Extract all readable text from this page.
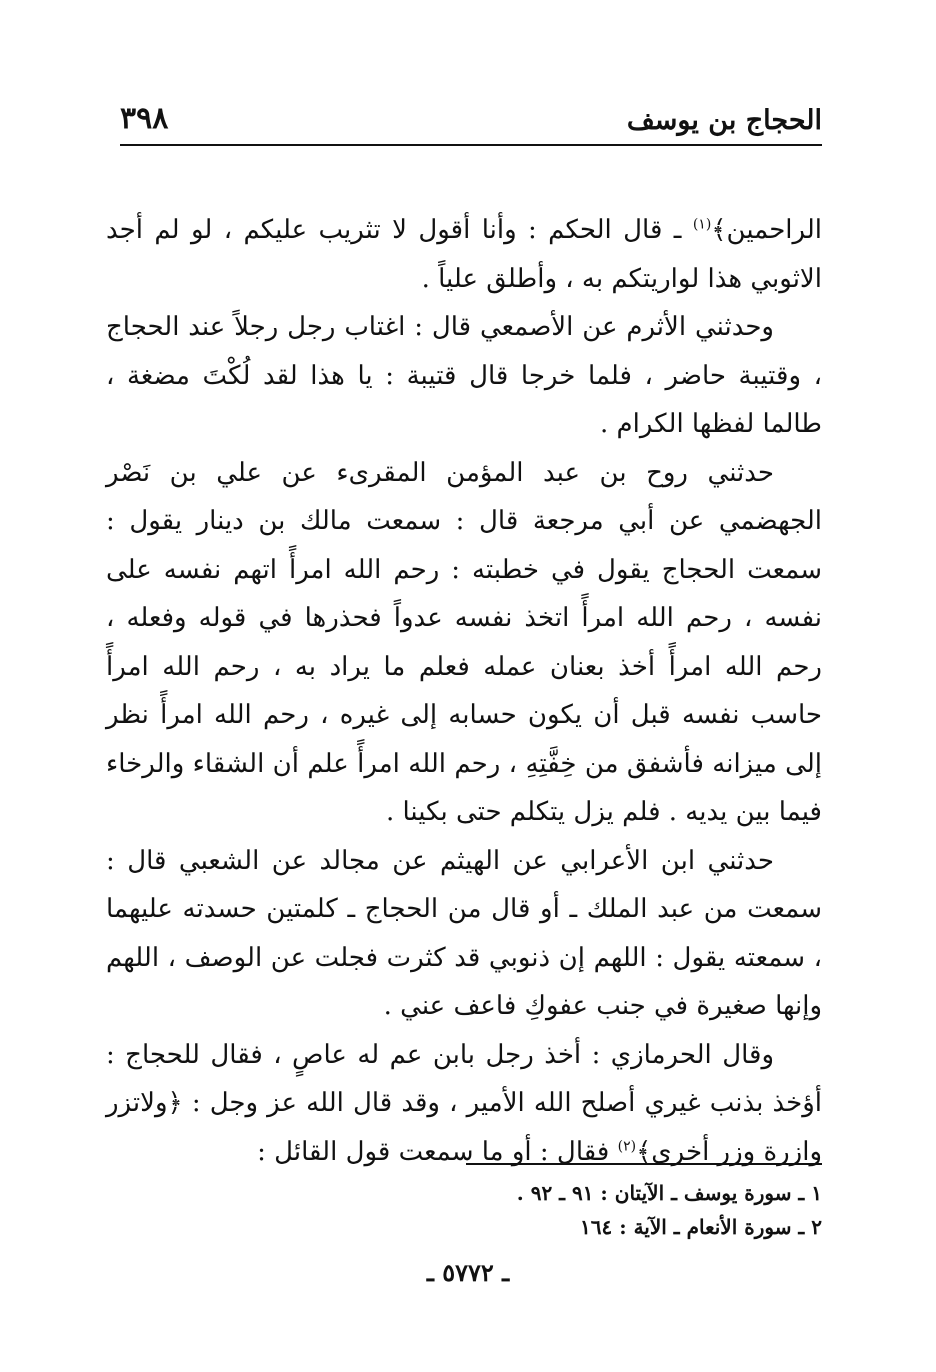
الحجاج بن يوسف
٣٩٨

الراحمين﴾$^{(١)}$ ـ قال الحكم : وأنا أقول لا تثريب عليكم ، لو لم أجد الاثوبي هذا لواريتكم به ، وأطلق علياً .

وحدثني الأثرم عن الأصمعي قال : اغتاب رجل رجلاً عند الحجاج ، وقتيبة حاضر ، فلما خرجا قال قتيبة : يا هذا لقد لُكْتَ مضغة ، طالما لفظها الكرام .

حدثني روح بن عبد المؤمن المقرىء عن علي بن نَصْر الجهضمي عن أبي مرجعة قال : سمعت مالك بن دينار يقول : سمعت الحجاج يقول في خطبته : رحم الله امرأً اتهم نفسه على نفسه ، رحم الله امرأً اتخذ نفسه عدواً فحذرها في قوله وفعله ، رحم الله امرأً أخذ بعنان عمله فعلم ما يراد به ، رحم الله امرأً حاسب نفسه قبل أن يكون حسابه إلى غيره ، رحم الله امرأً نظر إلى ميزانه فأشفق من خِفَّتِهِ ، رحم الله امرأً علم أن الشقاء والرخاء فيما بين يديه . فلم يزل يتكلم حتى بكينا .

حدثني ابن الأعرابي عن الهيثم عن مجالد عن الشعبي قال : سمعت من عبد الملك ـ أو قال من الحجاج ـ كلمتين حسدته عليهما ، سمعته يقول : اللهم إن ذنوبي قد كثرت فجلت عن الوصف ، اللهم وإنها صغيرة في جنب عفوكِ فاعف عني .

وقال الحرمازي : أخذ رجل بابن عم له عاصٍ ، فقال للحجاج : أؤخذ بذنب غيري أصلح الله الأمير ، وقد قال الله عز وجل : ﴿ولاتزر وازرة وزر أخرى﴾$^{(٢)}$ فقال : أو ما سمعت قول القائل :

١ ـ سورة يوسف ـ الآيتان : ٩١ ـ ٩٢ .

٢ ـ سورة الأنعام ـ الآية : ١٦٤

ـ ٥٧٧٢ ـ
